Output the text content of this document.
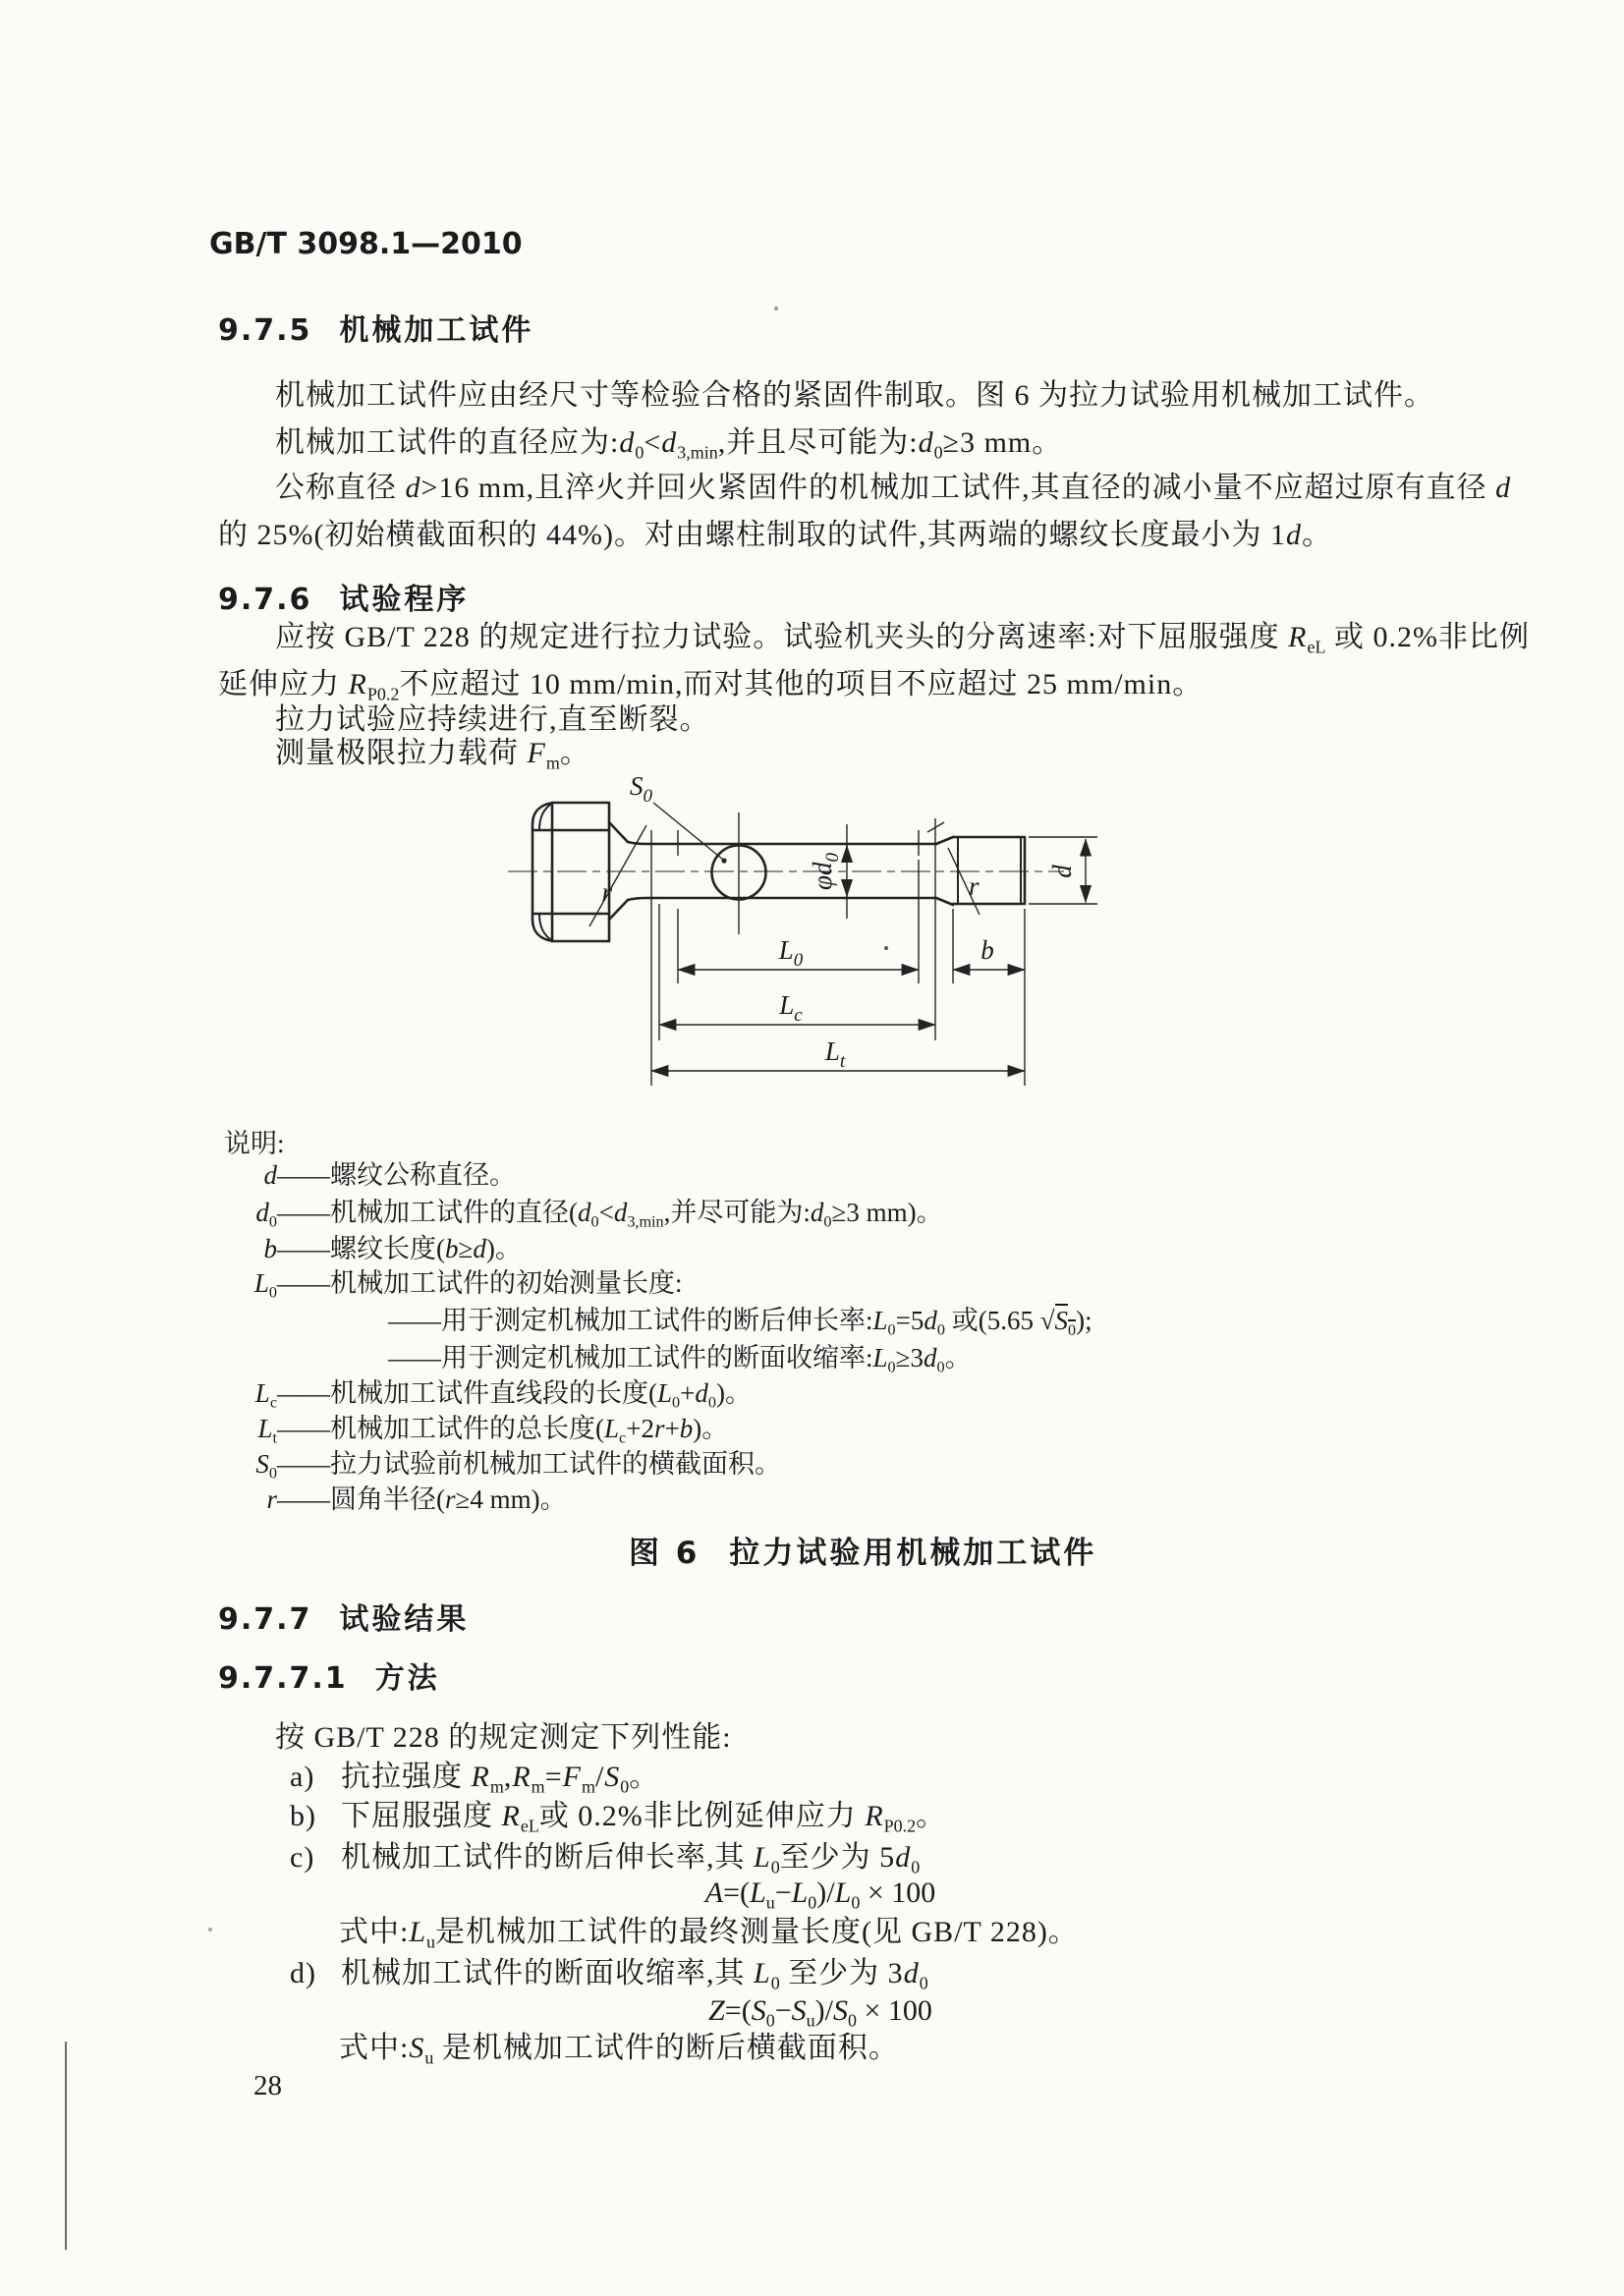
GB/T 3098.1—2010
9.7.5 机械加工试件
机械加工试件应由经尺寸等检验合格的紧固件制取。图 6 为拉力试验用机械加工试件。
机械加工试件的直径应为$:d_0<d_{3,min}$,并且尽可能为$:d_0\ge 3$ mm。
公称直径 d>16 mm,且淬火并回火紧固件的机械加工试件,其直径的减小量不应超过原有直径 d
的 25%(初始横截面积的 44%)。对由螺柱制取的试件,其两端的螺纹长度最小为 1d。
9.7.6 试验程序
应按 GB/T 228 的规定进行拉力试验。试验机夹头的分离速率:对下屈服强度 $R_{eL}$ 或 0.2%非比例
延伸应力 $R_{P0.2}$不应超过 10 mm/min,而对其他的项目不应超过 25 mm/min。
拉力试验应持续进行,直至断裂。
测量极限拉力载荷 $F_m$。
$S_0$
$\varphi d_0$
d
r	r
$L_0$	b
$L_c$
$L_t$
说明:
d——螺纹公称直径。
$d_0——$机械加工试件的直径($d_0<d_{3,min}$,并尽可能为$:d_0\ge 3$ mm)。
b——螺纹长度(b≥d)。
$L_0——$机械加工试件的初始测量长度:
——用于测定机械加工试件的断后伸长率$:L_0=5d_0$ 或(5.65 $√S_0$);
——用于测定机械加工试件的断面收缩率$:L_0\ge 3d_0$。
$L_c——$机械加工试件直线段的长度$(L_0+d_0)$。
$L_t——$机械加工试件的总长度$(L_c+2r+b)$。
$S_0——$拉力试验前机械加工试件的横截面积。
r——圆角半径(r≥4 mm)。
图 6 拉力试验用机械加工试件
9.7.7 试验结果
9.7.7.1 方法
按 GB/T 228 的规定测定下列性能:
a) 抗拉强度 $R_m,R_m=F_m/S_0$。
b) 下屈服强度 $R_{eL}$或 0.2%非比例延伸应力 $R_{P0.2}$。
c) 机械加工试件的断后伸长率,其 $L_0$至少为 $5d_0$
$A=(L_u-L_0)/L_0 \times 100$
式中$:L_u$是机械加工试件的最终测量长度(见 GB/T 228)。
d) 机械加工试件的断面收缩率,其 $L_0$ 至少为 $3d_0$
$Z=(S_0-S_u)/S_0 \times 100$
式中$:S_u$ 是机械加工试件的断后横截面积。
28
